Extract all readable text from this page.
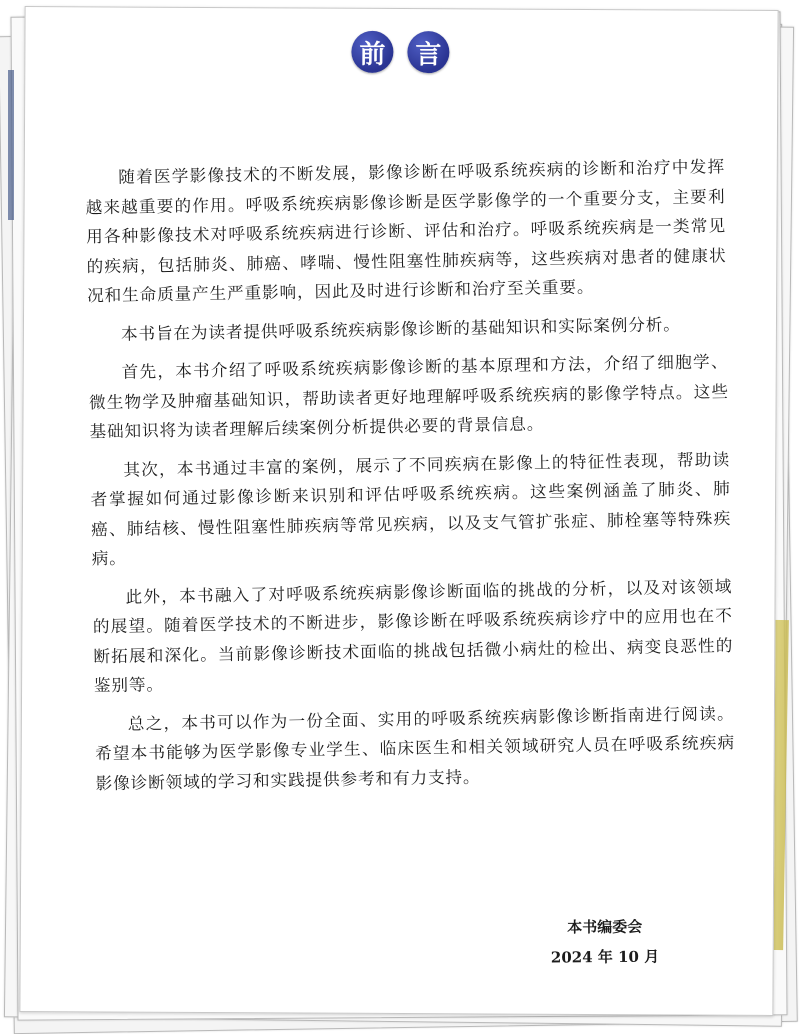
前	言

随着医学影像技术的不断发展，影像诊断在呼吸系统疾病的诊断和治疗中发挥越来越重要的作用。呼吸系统疾病影像诊断是医学影像学的一个重要分支，主要利用各种影像技术对呼吸系统疾病进行诊断、评估和治疗。呼吸系统疾病是一类常见的疾病，包括肺炎、肺癌、哮喘、慢性阻塞性肺疾病等，这些疾病对患者的健康状况和生命质量产生严重影响，因此及时进行诊断和治疗至关重要。

本书旨在为读者提供呼吸系统疾病影像诊断的基础知识和实际案例分析。

首先，本书介绍了呼吸系统疾病影像诊断的基本原理和方法，介绍了细胞学、微生物学及肿瘤基础知识，帮助读者更好地理解呼吸系统疾病的影像学特点。这些基础知识将为读者理解后续案例分析提供必要的背景信息。

其次，本书通过丰富的案例，展示了不同疾病在影像上的特征性表现，帮助读者掌握如何通过影像诊断来识别和评估呼吸系统疾病。这些案例涵盖了肺炎、肺癌、肺结核、慢性阻塞性肺疾病等常见疾病，以及支气管扩张症、肺栓塞等特殊疾病。

此外，本书融入了对呼吸系统疾病影像诊断面临的挑战的分析，以及对该领域的展望。随着医学技术的不断进步，影像诊断在呼吸系统疾病诊疗中的应用也在不断拓展和深化。当前影像诊断技术面临的挑战包括微小病灶的检出、病变良恶性的鉴别等。

总之，本书可以作为一份全面、实用的呼吸系统疾病影像诊断指南进行阅读。希望本书能够为医学影像专业学生、临床医生和相关领域研究人员在呼吸系统疾病影像诊断领域的学习和实践提供参考和有力支持。

本书编委会
2024 年 10 月
